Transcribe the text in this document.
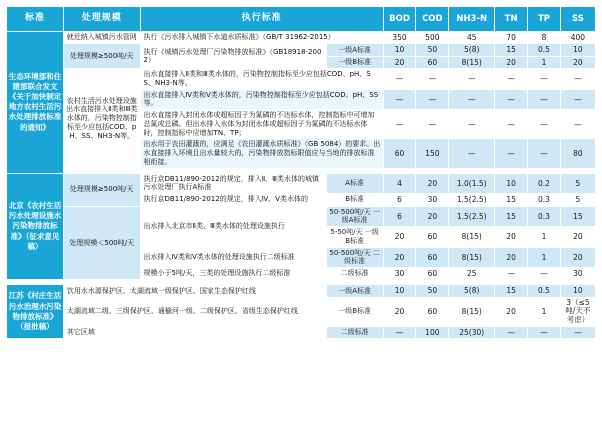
标准	处理规模	执行标准		BOD	COD	NH3-N	TN	TP	SS
生态环境部和住建部联合发文《关于加快制定地方农村生活污水处理排放标准的通知》	就近纳入城镇污水管网	执行《污水排入城镇下水道水质标准》（GB/T 31962-2015）		350	500	45	70	8	400
	处理规模≥500吨/天	执行《城镇污水处理厂污染物排放标准》（GB18918-2002）	一级A标准	10	50	5(8)	15	0.5	10
			一级B标准	20	60	8(15)	20	1	20
	农村生活污水处理设施出水直接排入Ⅱ类和Ⅲ类水体的，污染物控制指标至少应包括COD、pH、SS、NH3-N等。	出水直接排入Ⅱ类和Ⅲ类水体的，污染物控制指标至少应包括COD、pH、SS、NH3-N等。		—	—	—	—	—	—
		出水直接排入Ⅳ类和Ⅴ类水体的，污染物控制指标至少应包括COD、pH、SS等。		—	—	—	—	—	—
		出水直接排入封闭水体或超标因子为氮磷的不达标水体，控制指标中可增加总氮或总磷。但出水排入水体为封闭水体或超标因子为氮磷的不达标水体时，控制指标中应增加TN、TP；		—	—	—	—	—	—
		出水用于农田灌溉的，应满足《农田灌溉水质标准》（GB 5084）的要求。出水直接排入环境且出水量较大的，污染物排放指标限值应与当地的排放标准相衔接。		60	150	—	—	—	80

北京《农村生活污水处理设施水污染物排放标准》（征求意见稿）	处理规模≥500吨/天	执行京DB11/890-2012的规定，排入Ⅱ、Ⅲ类水体的城镇污水处理厂执行A标准	A标准	4	20	1.0(1.5)	10	0.2	5
		执行京DB11/890-2012的规定，排入Ⅳ、Ⅴ类水体的	B标准	6	30	1.5(2.5)	15	0.3	5
	处理规模＜500吨/天	出水排入北京市Ⅱ类、Ⅲ类水体的处理设施执行	50-500吨/天 一级A标准	6	20	1.5(2.5)	15	0.3	15
			5-50吨/天 一级B标准	20	60	8(15)	20	1	20
		出水排入Ⅳ类和Ⅴ类水体的处理设施执行二级标准	50-500吨/天 二级标准	20	60	8(15)	20	1	20
		规模小于5吨/天，三类的处理设施执行二级标准	二级标准	30	60	25	—	—	30

江苏《村庄生活污水治理水污染物排放标准》（报批稿）	饮用水水源保护区、太湖流域一级保护区、国家生态保护红线		一级A标准	10	50	5(8)	15	0.5	10
	太湖流域二级、三级保护区、通榆河一级、二级保护区、省级生态保护红线		一级B标准	20	60	8(15)	20	1	3（≤5吨/天不考虑）
	其它区域		二级标准	—	100	25(30)	—	—	—
